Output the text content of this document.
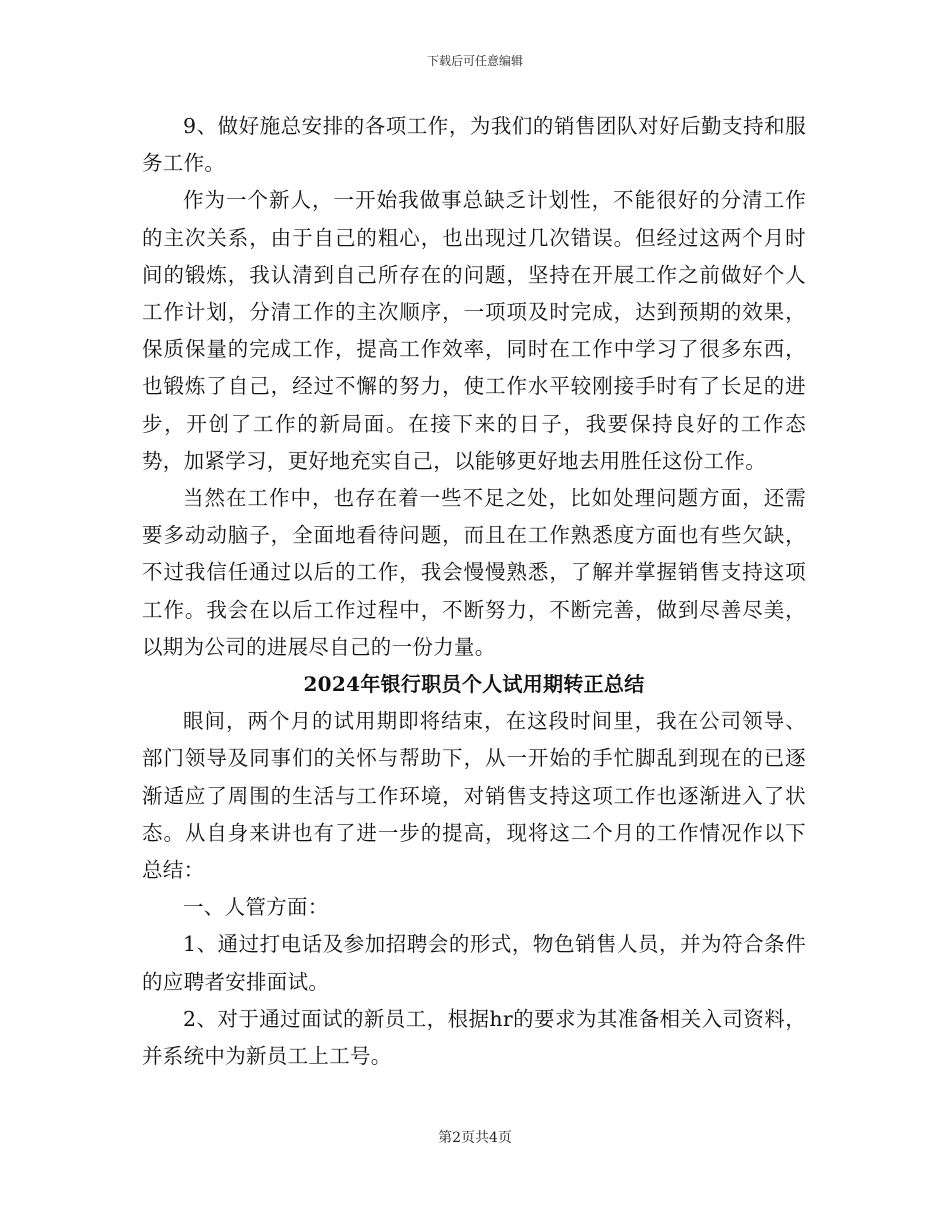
下载后可任意编辑

9、做好施总安排的各项工作，为我们的销售团队对好后勤支持和服务工作。

作为一个新人，一开始我做事总缺乏计划性，不能很好的分清工作的主次关系，由于自己的粗心，也出现过几次错误。但经过这两个月时间的锻炼，我认清到自己所存在的问题，坚持在开展工作之前做好个人工作计划，分清工作的主次顺序，一项项及时完成，达到预期的效果，保质保量的完成工作，提高工作效率，同时在工作中学习了很多东西，也锻炼了自己，经过不懈的努力，使工作水平较刚接手时有了长足的进步，开创了工作的新局面。在接下来的日子，我要保持良好的工作态势，加紧学习，更好地充实自己，以能够更好地去用胜任这份工作。

当然在工作中，也存在着一些不足之处，比如处理问题方面，还需要多动动脑子，全面地看待问题，而且在工作熟悉度方面也有些欠缺，不过我信任通过以后的工作，我会慢慢熟悉，了解并掌握销售支持这项工作。我会在以后工作过程中，不断努力，不断完善，做到尽善尽美，以期为公司的进展尽自己的一份力量。

2024年银行职员个人试用期转正总结

眼间，两个月的试用期即将结束，在这段时间里，我在公司领导、部门领导及同事们的关怀与帮助下，从一开始的手忙脚乱到现在的已逐渐适应了周围的生活与工作环境，对销售支持这项工作也逐渐进入了状态。从自身来讲也有了进一步的提高，现将这二个月的工作情况作以下总结：

一、人管方面：

1、通过打电话及参加招聘会的形式，物色销售人员，并为符合条件的应聘者安排面试。

2、对于通过面试的新员工，根据hr的要求为其准备相关入司资料，并系统中为新员工上工号。

第2页共4页
